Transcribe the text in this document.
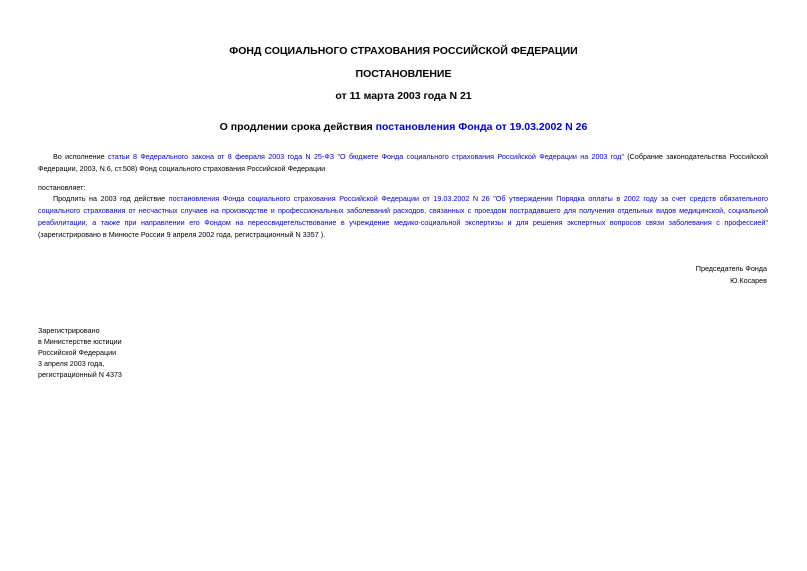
ФОНД СОЦИАЛЬНОГО СТРАХОВАНИЯ РОССИЙСКОЙ ФЕДЕРАЦИИ
ПОСТАНОВЛЕНИЕ
от 11 марта 2003 года N 21
О продлении срока действия постановления Фонда от 19.03.2002 N 26
Во исполнение статьи 8 Федерального закона от 8 февраля 2003 года N 25-ФЗ "О бюджете Фонда социального страхования Российской Федерации на 2003 год" (Собрание законодательства Российской Федерации, 2003, N 6, ст.508) Фонд социального страхования Российской Федерации
постановляет:
Продлить на 2003 год действие постановления Фонда социального страхования Российской Федерации от 19.03.2002 N 26 "Об утверждении Порядка оплаты в 2002 году за счет средств обязательного социального страхования от несчастных случаев на производстве и профессиональных заболеваний расходов, связанных с проездом пострадавшего для получения отдельных видов медицинской, социальной реабилитации, а также при направлении его Фондом на переосвидетельствование в учреждение медико-социальной экспертизы и для решения экспертных вопросов связи заболевания с профессией" (зарегистрировано в Минюсте России 9 апреля 2002 года, регистрационный N 3357 ).
Председатель Фонда
Ю.Косарев
Зарегистрировано
в Министерстве юстиции
Российской Федерации
3 апреля 2003 года,
регистрационный N 4373
